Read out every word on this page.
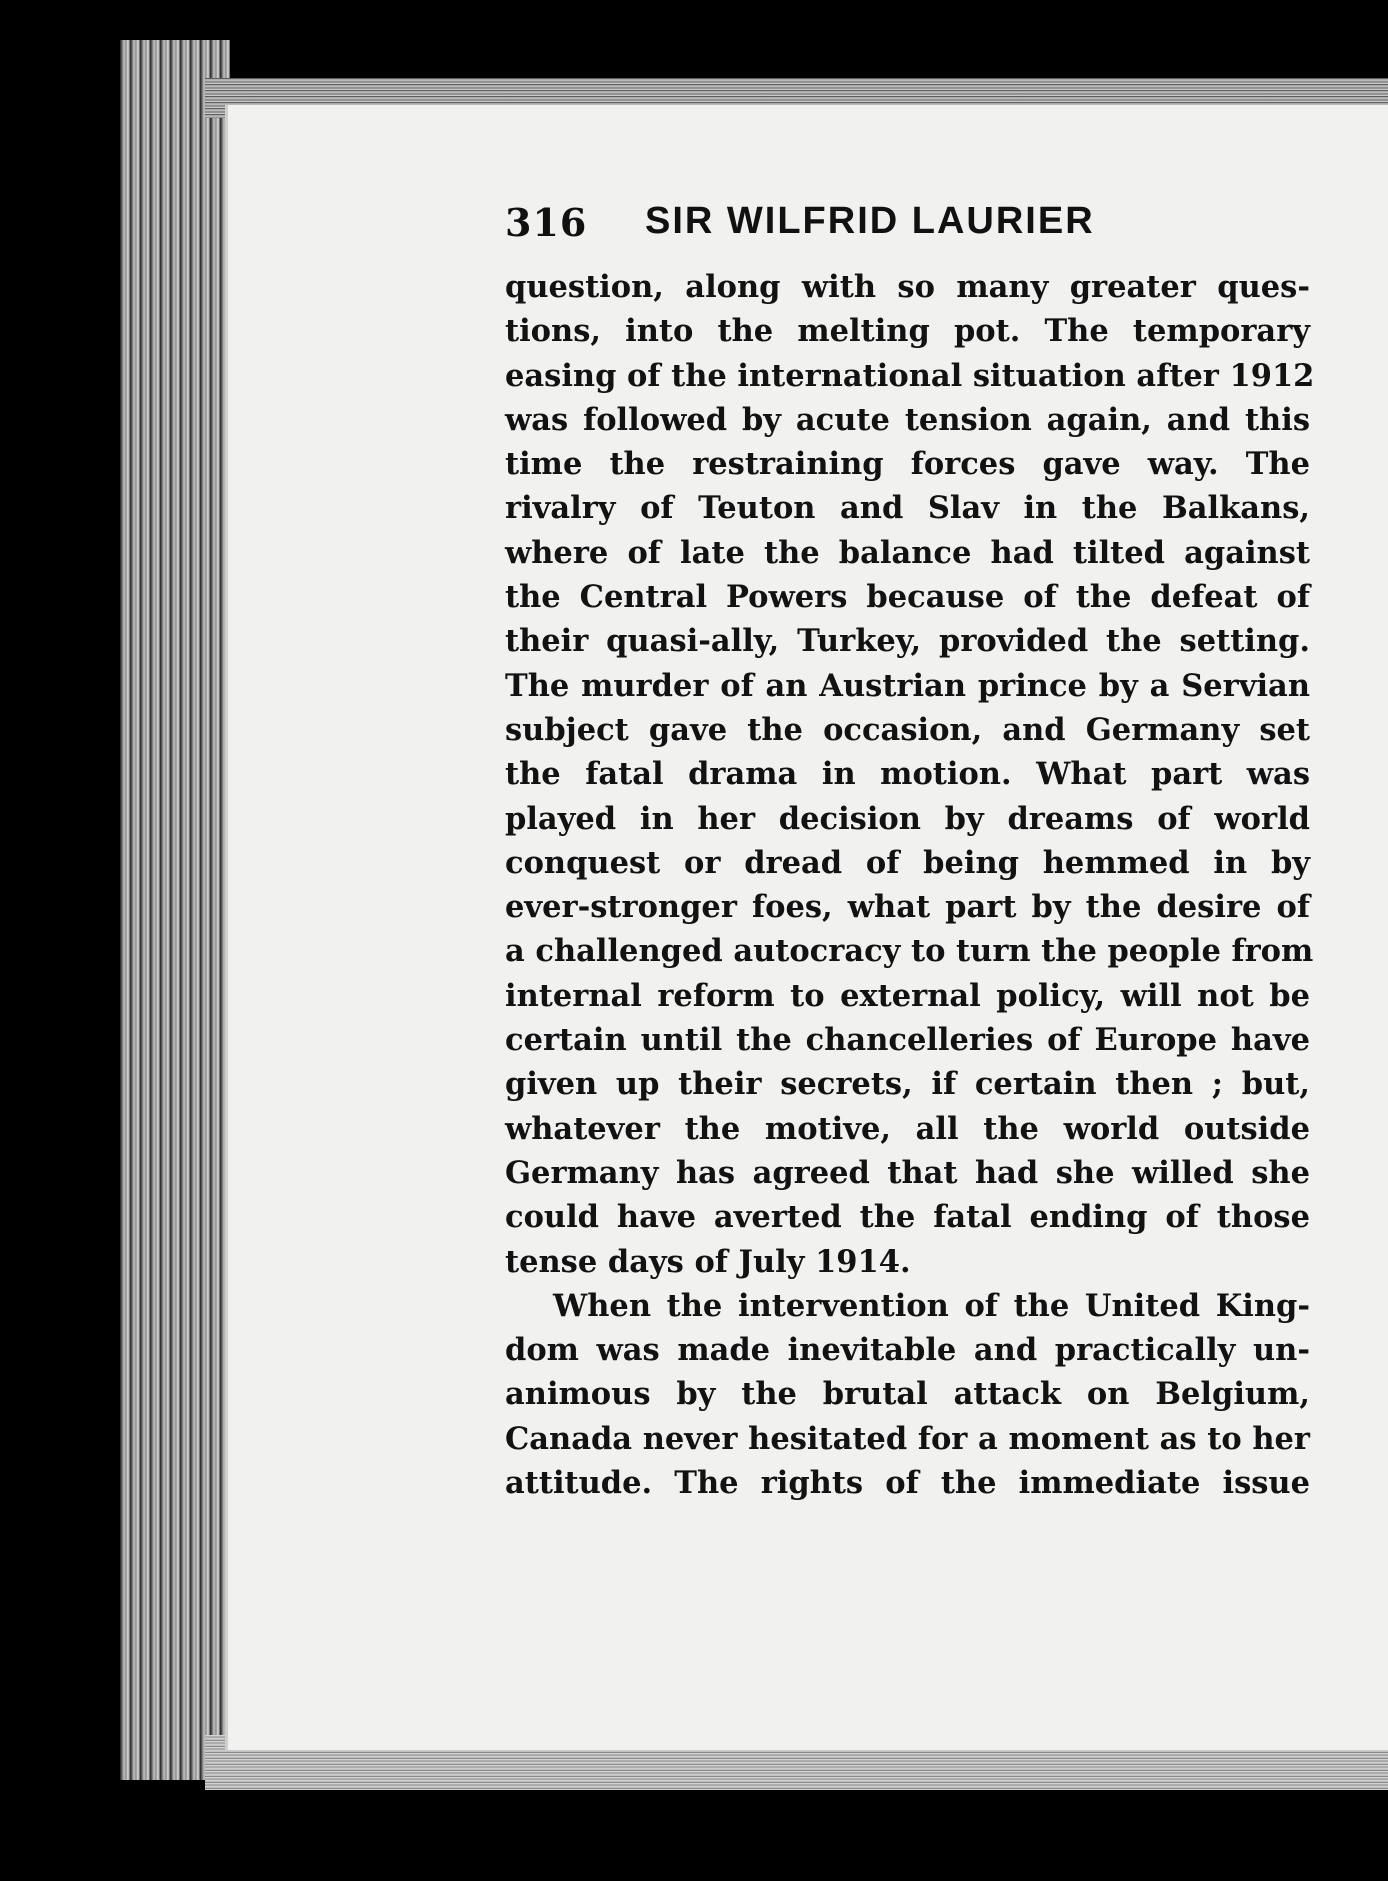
316 SIR WILFRID LAURIER
question, along with so many greater ques-
tions, into the melting pot. The temporary
easing of the international situation after 1912
was followed by acute tension again, and this
time the restraining forces gave way. The
rivalry of Teuton and Slav in the Balkans,
where of late the balance had tilted against
the Central Powers because of the defeat of
their quasi-ally, Turkey, provided the setting.
The murder of an Austrian prince by a Servian
subject gave the occasion, and Germany set
the fatal drama in motion. What part was
played in her decision by dreams of world
conquest or dread of being hemmed in by
ever-stronger foes, what part by the desire of
a challenged autocracy to turn the people from
internal reform to external policy, will not be
certain until the chancelleries of Europe have
given up their secrets, if certain then ; but,
whatever the motive, all the world outside
Germany has agreed that had she willed she
could have averted the fatal ending of those
tense days of July 1914.
When the intervention of the United King-
dom was made inevitable and practically un-
animous by the brutal attack on Belgium,
Canada never hesitated for a moment as to her
attitude. The rights of the immediate issue
